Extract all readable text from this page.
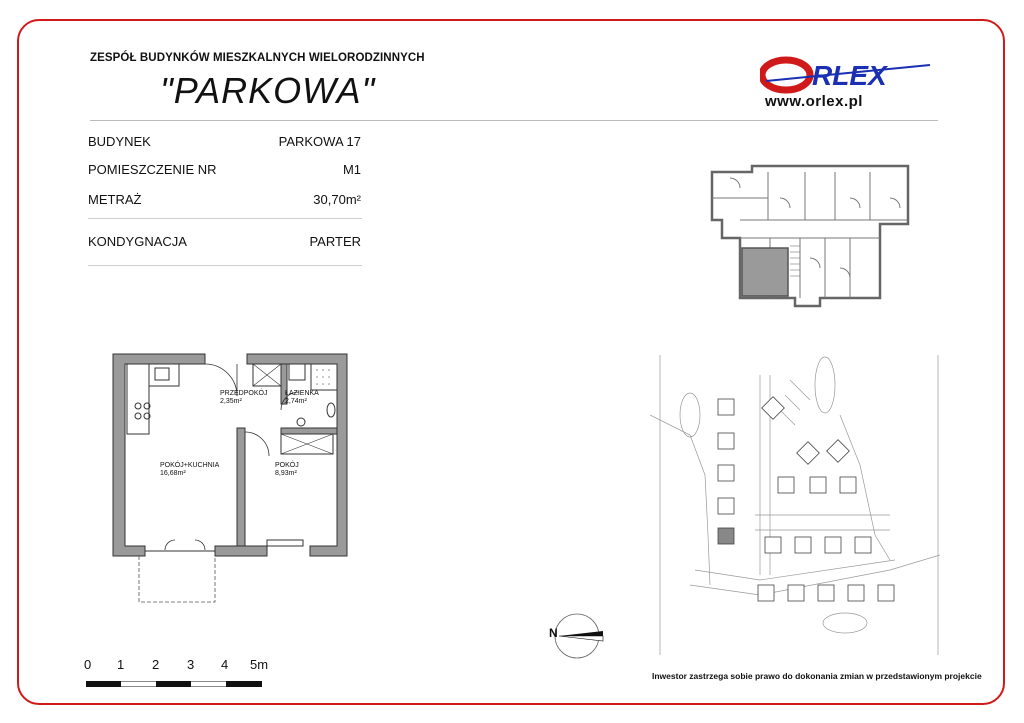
ZESPÓŁ BUDYNKÓW MIESZKALNYCH WIELORODZINNYCH
"PARKOWA"	RLEX
www.orlex.pl
BUDYNEK	PARKOWA 17
POMIESZCZENIE NR	M1
METRAŻ	30,70m²
KONDYGNACJA	PARTER
PRZEDPOKÓJ
2,35m²
ŁAZIENKA
2,74m²
POKÓJ+KUCHNIA
16,68m²
POKÓJ
8,93m²
N
0 1 2 3 4 5m
Inwestor zastrzega sobie prawo do dokonania zmian w przedstawionym projekcie
